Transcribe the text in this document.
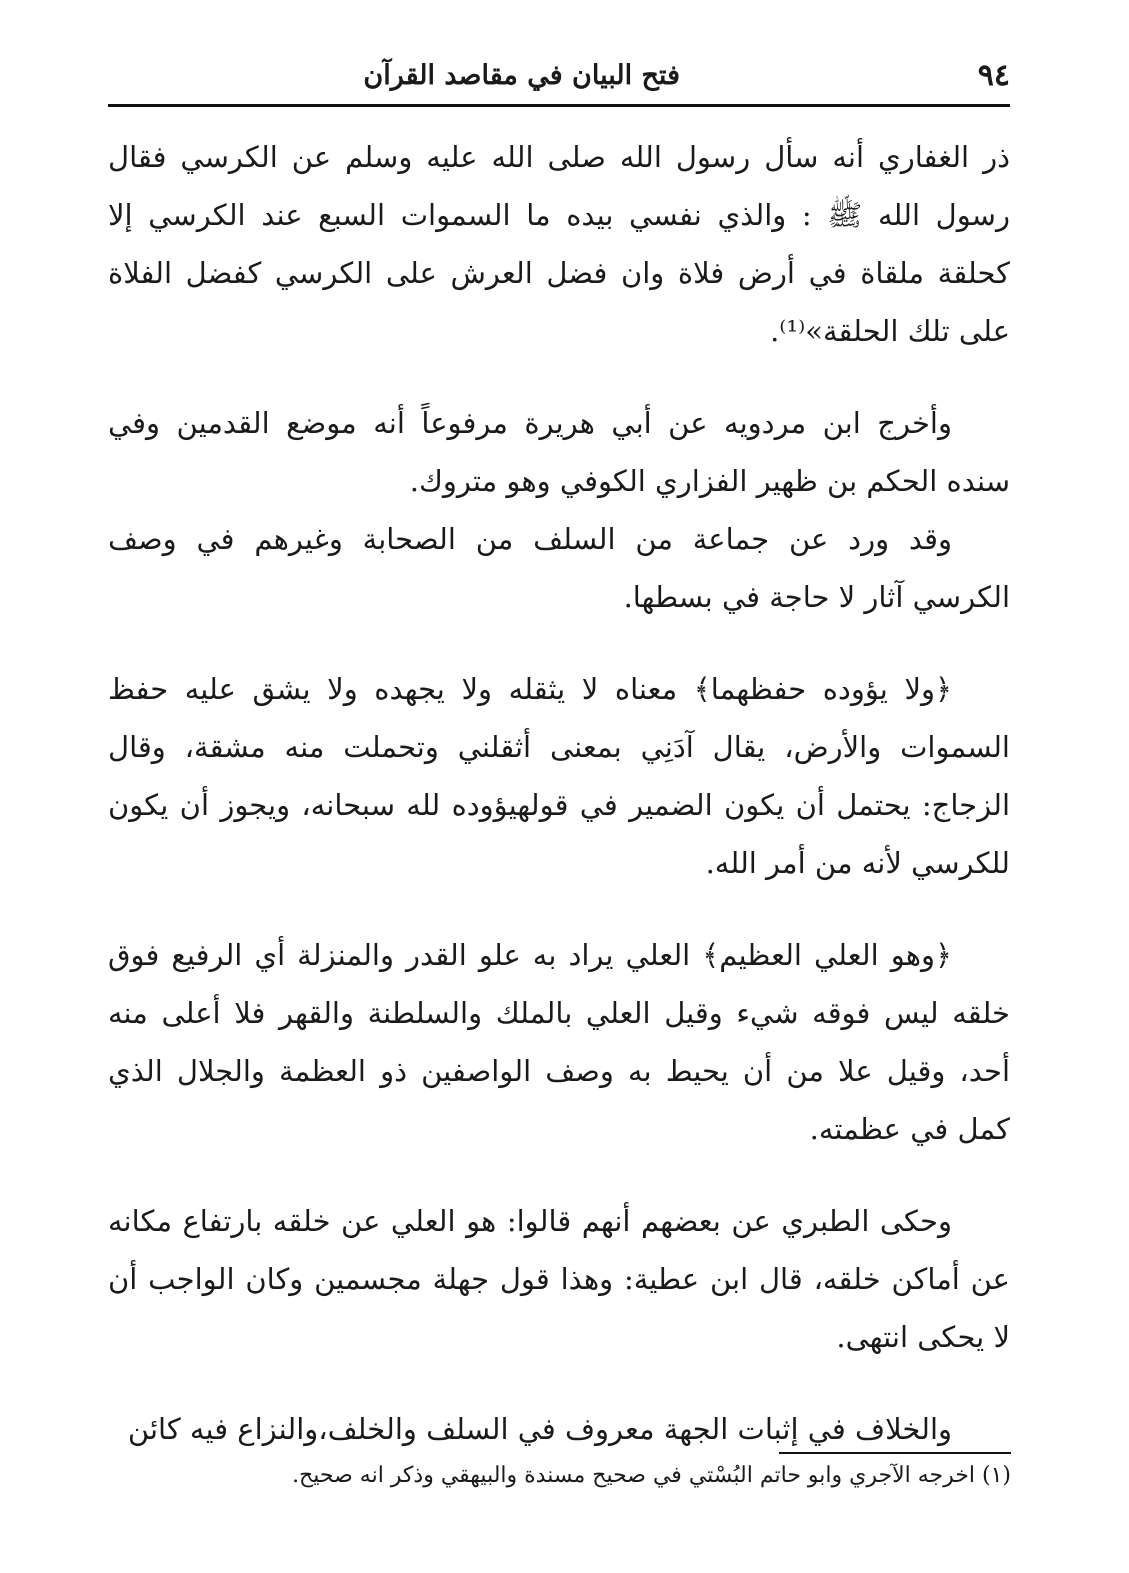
٩٤
فتح البيان في مقاصد القرآن

ذر الغفاري أنه سأل رسول الله صلى الله عليه وسلم عن الكرسي فقال رسول الله ﷺ : والذي نفسي بيده ما السموات السبع عند الكرسي إلا كحلقة ملقاة في أرض فلاة وان فضل العرش على الكرسي كفضل الفلاة على تلك الحلقة»⁽¹⁾.

وأخرج ابن مردويه عن أبي هريرة مرفوعاً أنه موضع القدمين وفي سنده الحكم بن ظهير الفزاري الكوفي وهو متروك.

وقد ورد عن جماعة من السلف من الصحابة وغيرهم في وصف الكرسي آثار لا حاجة في بسطها.

﴿ولا يؤوده حفظهما﴾ معناه لا يثقله ولا يجهده ولا يشق عليه حفظ السموات والأرض، يقال آدَنِي بمعنى أثقلني وتحملت منه مشقة، وقال الزجاج: يحتمل أن يكون الضمير في قولهيؤوده لله سبحانه، ويجوز أن يكون للكرسي لأنه من أمر الله.

﴿وهو العلي العظيم﴾ العلي يراد به علو القدر والمنزلة أي الرفيع فوق خلقه ليس فوقه شيء وقيل العلي بالملك والسلطنة والقهر فلا أعلى منه أحد، وقيل علا من أن يحيط به وصف الواصفين ذو العظمة والجلال الذي كمل في عظمته.

وحكى الطبري عن بعضهم أنهم قالوا: هو العلي عن خلقه بارتفاع مكانه عن أماكن خلقه، قال ابن عطية: وهذا قول جهلة مجسمين وكان الواجب أن لا يحكى انتهى.

والخلاف في إثبات الجهة معروف في السلف والخلف،والنزاع فيه كائن

(١) اخرجه الآجري وابو حاتم البُسْتي في صحيح مسندة والبيهقي وذكر انه صحيح.
